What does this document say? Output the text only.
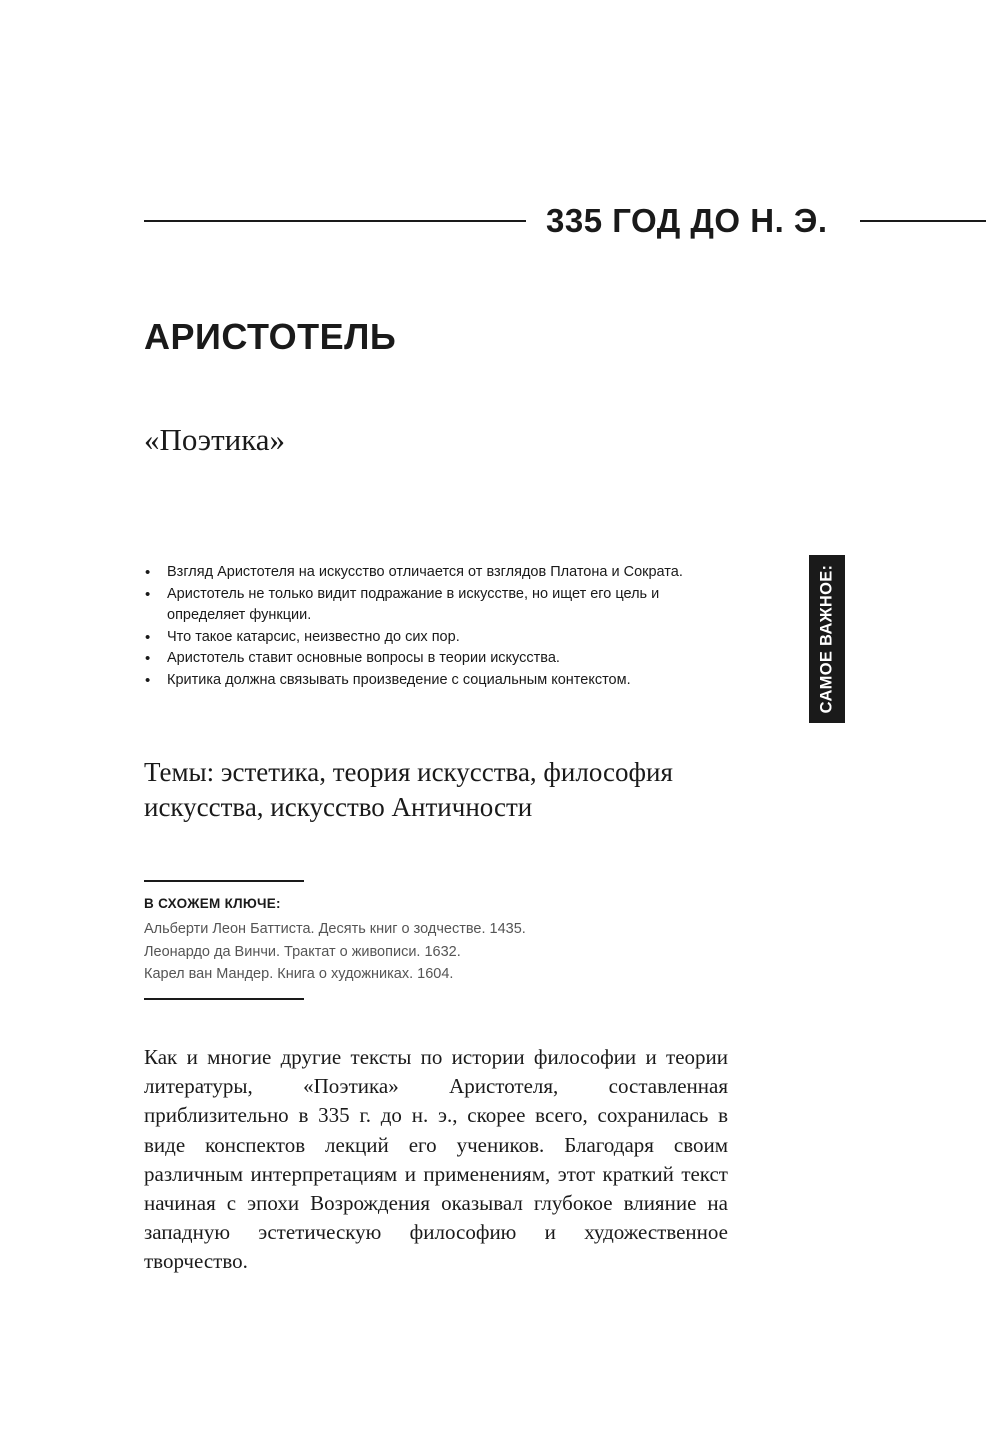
335 ГОД ДО Н. Э.
АРИСТОТЕЛЬ
«Поэтика»
• Взгляд Аристотеля на искусство отличается от взглядов Платона и Сократа.
• Аристотель не только видит подражание в искусстве, но ищет его цель и определяет функции.
• Что такое катарсис, неизвестно до сих пор.
• Аристотель ставит основные вопросы в теории искусства.
• Критика должна связывать произведение с социальным контекстом.	САМОЕ ВАЖНОЕ:
Темы: эстетика, теория искусства, философия искусства, искусство Античности
В СХОЖЕМ КЛЮЧЕ:
Альберти Леон Баттиста. Десять книг о зодчестве. 1435.
Леонардо да Винчи. Трактат о живописи. 1632.
Карел ван Мандер. Книга о художниках. 1604.
Как и многие другие тексты по истории философии и теории литературы, «Поэтика» Аристотеля, составленная приблизительно в 335 г. до н. э., скорее всего, сохранилась в виде конспектов лекций его учеников. Благодаря своим различным интерпретациям и применениям, этот краткий текст начиная с эпохи Возрождения оказывал глубокое влияние на западную эстетическую философию и художественное творчество.
